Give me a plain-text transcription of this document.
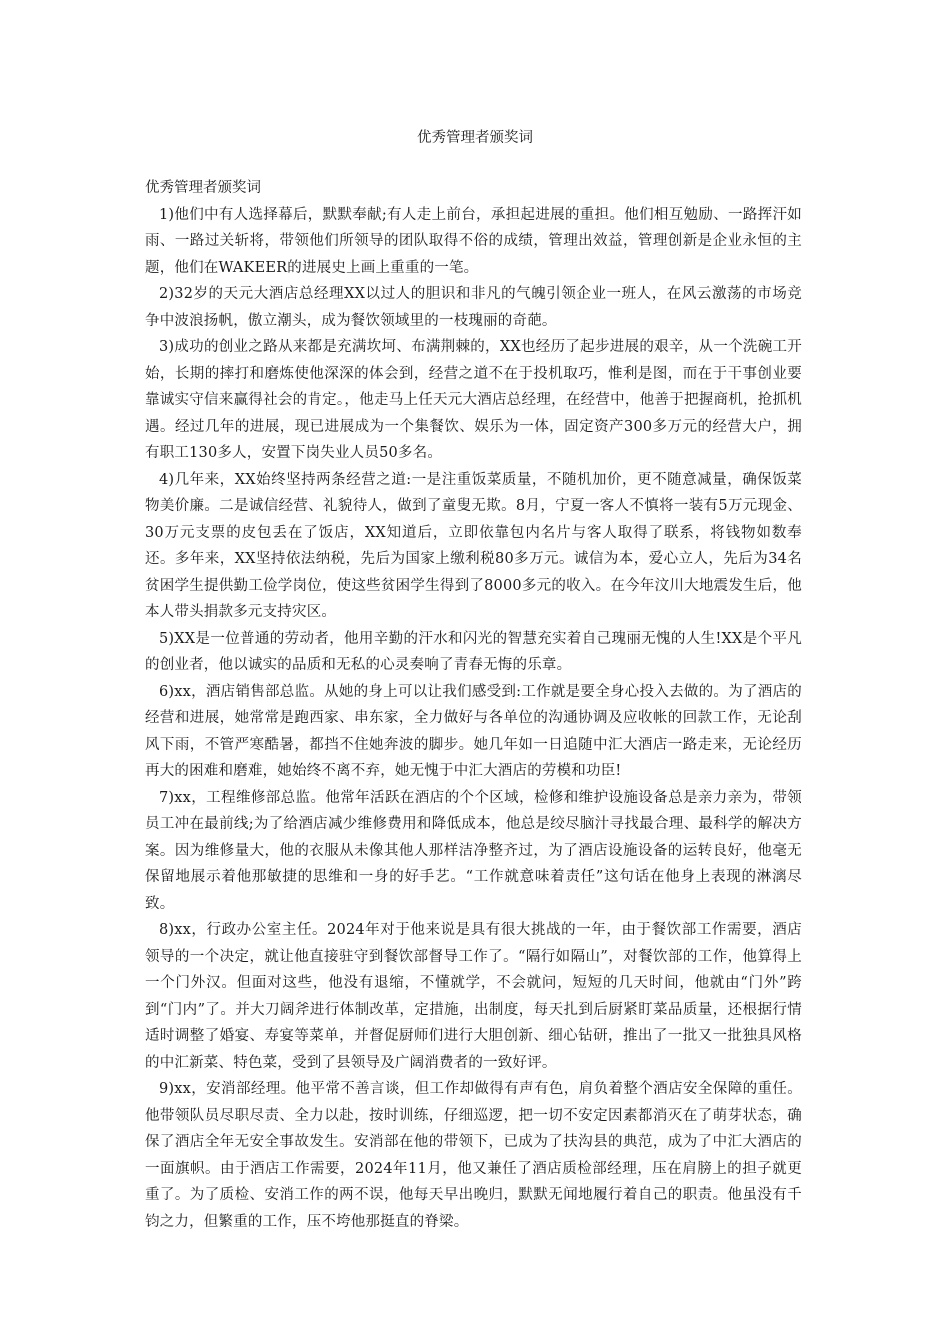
优秀管理者颁奖词

优秀管理者颁奖词

1)他们中有人选择幕后，默默奉献;有人走上前台，承担起进展的重担。他们相互勉励、一路挥汗如雨、一路过关斩将，带领他们所领导的团队取得不俗的成绩，管理出效益，管理创新是企业永恒的主题，他们在WAKEER的进展史上画上重重的一笔。

2)32岁的天元大酒店总经理XX以过人的胆识和非凡的气魄引领企业一班人，在风云激荡的市场竞争中波浪扬帆，傲立潮头，成为餐饮领域里的一枝瑰丽的奇葩。

3)成功的创业之路从来都是充满坎坷、布满荆棘的，XX也经历了起步进展的艰辛，从一个洗碗工开始，长期的摔打和磨炼使他深深的体会到，经营之道不在于投机取巧，惟利是图，而在于干事创业要靠诚实守信来赢得社会的肯定。，他走马上任天元大酒店总经理，在经营中，他善于把握商机，抢抓机遇。经过几年的进展，现已进展成为一个集餐饮、娱乐为一体，固定资产300多万元的经营大户，拥有职工130多人，安置下岗失业人员50多名。

4)几年来，XX始终坚持两条经营之道:一是注重饭菜质量，不随机加价，更不随意减量，确保饭菜物美价廉。二是诚信经营、礼貌待人，做到了童叟无欺。8月，宁夏一客人不慎将一装有5万元现金、30万元支票的皮包丢在了饭店，XX知道后，立即依靠包内名片与客人取得了联系，将钱物如数奉还。多年来，XX坚持依法纳税，先后为国家上缴利税80多万元。诚信为本，爱心立人，先后为34名贫困学生提供勤工俭学岗位，使这些贫困学生得到了8000多元的收入。在今年汶川大地震发生后，他本人带头捐款多元支持灾区。

5)XX是一位普通的劳动者，他用辛勤的汗水和闪光的智慧充实着自己瑰丽无愧的人生!XX是个平凡的创业者，他以诚实的品质和无私的心灵奏响了青春无悔的乐章。

6)xx，酒店销售部总监。从她的身上可以让我们感受到:工作就是要全身心投入去做的。为了酒店的经营和进展，她常常是跑西家、串东家，全力做好与各单位的沟通协调及应收帐的回款工作，无论刮风下雨，不管严寒酷暑，都挡不住她奔波的脚步。她几年如一日追随中汇大酒店一路走来，无论经历再大的困难和磨难，她始终不离不弃，她无愧于中汇大酒店的劳模和功臣!

7)xx，工程维修部总监。他常年活跃在酒店的个个区域，检修和维护设施设备总是亲力亲为，带领员工冲在最前线;为了给酒店减少维修费用和降低成本，他总是绞尽脑汁寻找最合理、最科学的解决方案。因为维修量大，他的衣服从未像其他人那样洁净整齐过，为了酒店设施设备的运转良好，他毫无保留地展示着他那敏捷的思维和一身的好手艺。“工作就意味着责任”这句话在他身上表现的淋漓尽致。

8)xx，行政办公室主任。2024年对于他来说是具有很大挑战的一年，由于餐饮部工作需要，酒店领导的一个决定，就让他直接驻守到餐饮部督导工作了。“隔行如隔山”，对餐饮部的工作，他算得上一个门外汉。但面对这些，他没有退缩，不懂就学，不会就问，短短的几天时间，他就由“门外”跨到“门内”了。并大刀阔斧进行体制改革，定措施，出制度，每天扎到后厨紧盯菜品质量，还根据行情适时调整了婚宴、寿宴等菜单，并督促厨师们进行大胆创新、细心钻研，推出了一批又一批独具风格的中汇新菜、特色菜，受到了县领导及广阔消费者的一致好评。

9)xx，安消部经理。他平常不善言谈，但工作却做得有声有色，肩负着整个酒店安全保障的重任。他带领队员尽职尽责、全力以赴，按时训练，仔细巡逻，把一切不安定因素都消灭在了萌芽状态，确保了酒店全年无安全事故发生。安消部在他的带领下，已成为了扶沟县的典范，成为了中汇大酒店的一面旗帜。由于酒店工作需要，2024年11月，他又兼任了酒店质检部经理，压在肩膀上的担子就更重了。为了质检、安消工作的两不误，他每天早出晚归，默默无闻地履行着自己的职责。他虽没有千钧之力，但繁重的工作，压不垮他那挺直的脊梁。
